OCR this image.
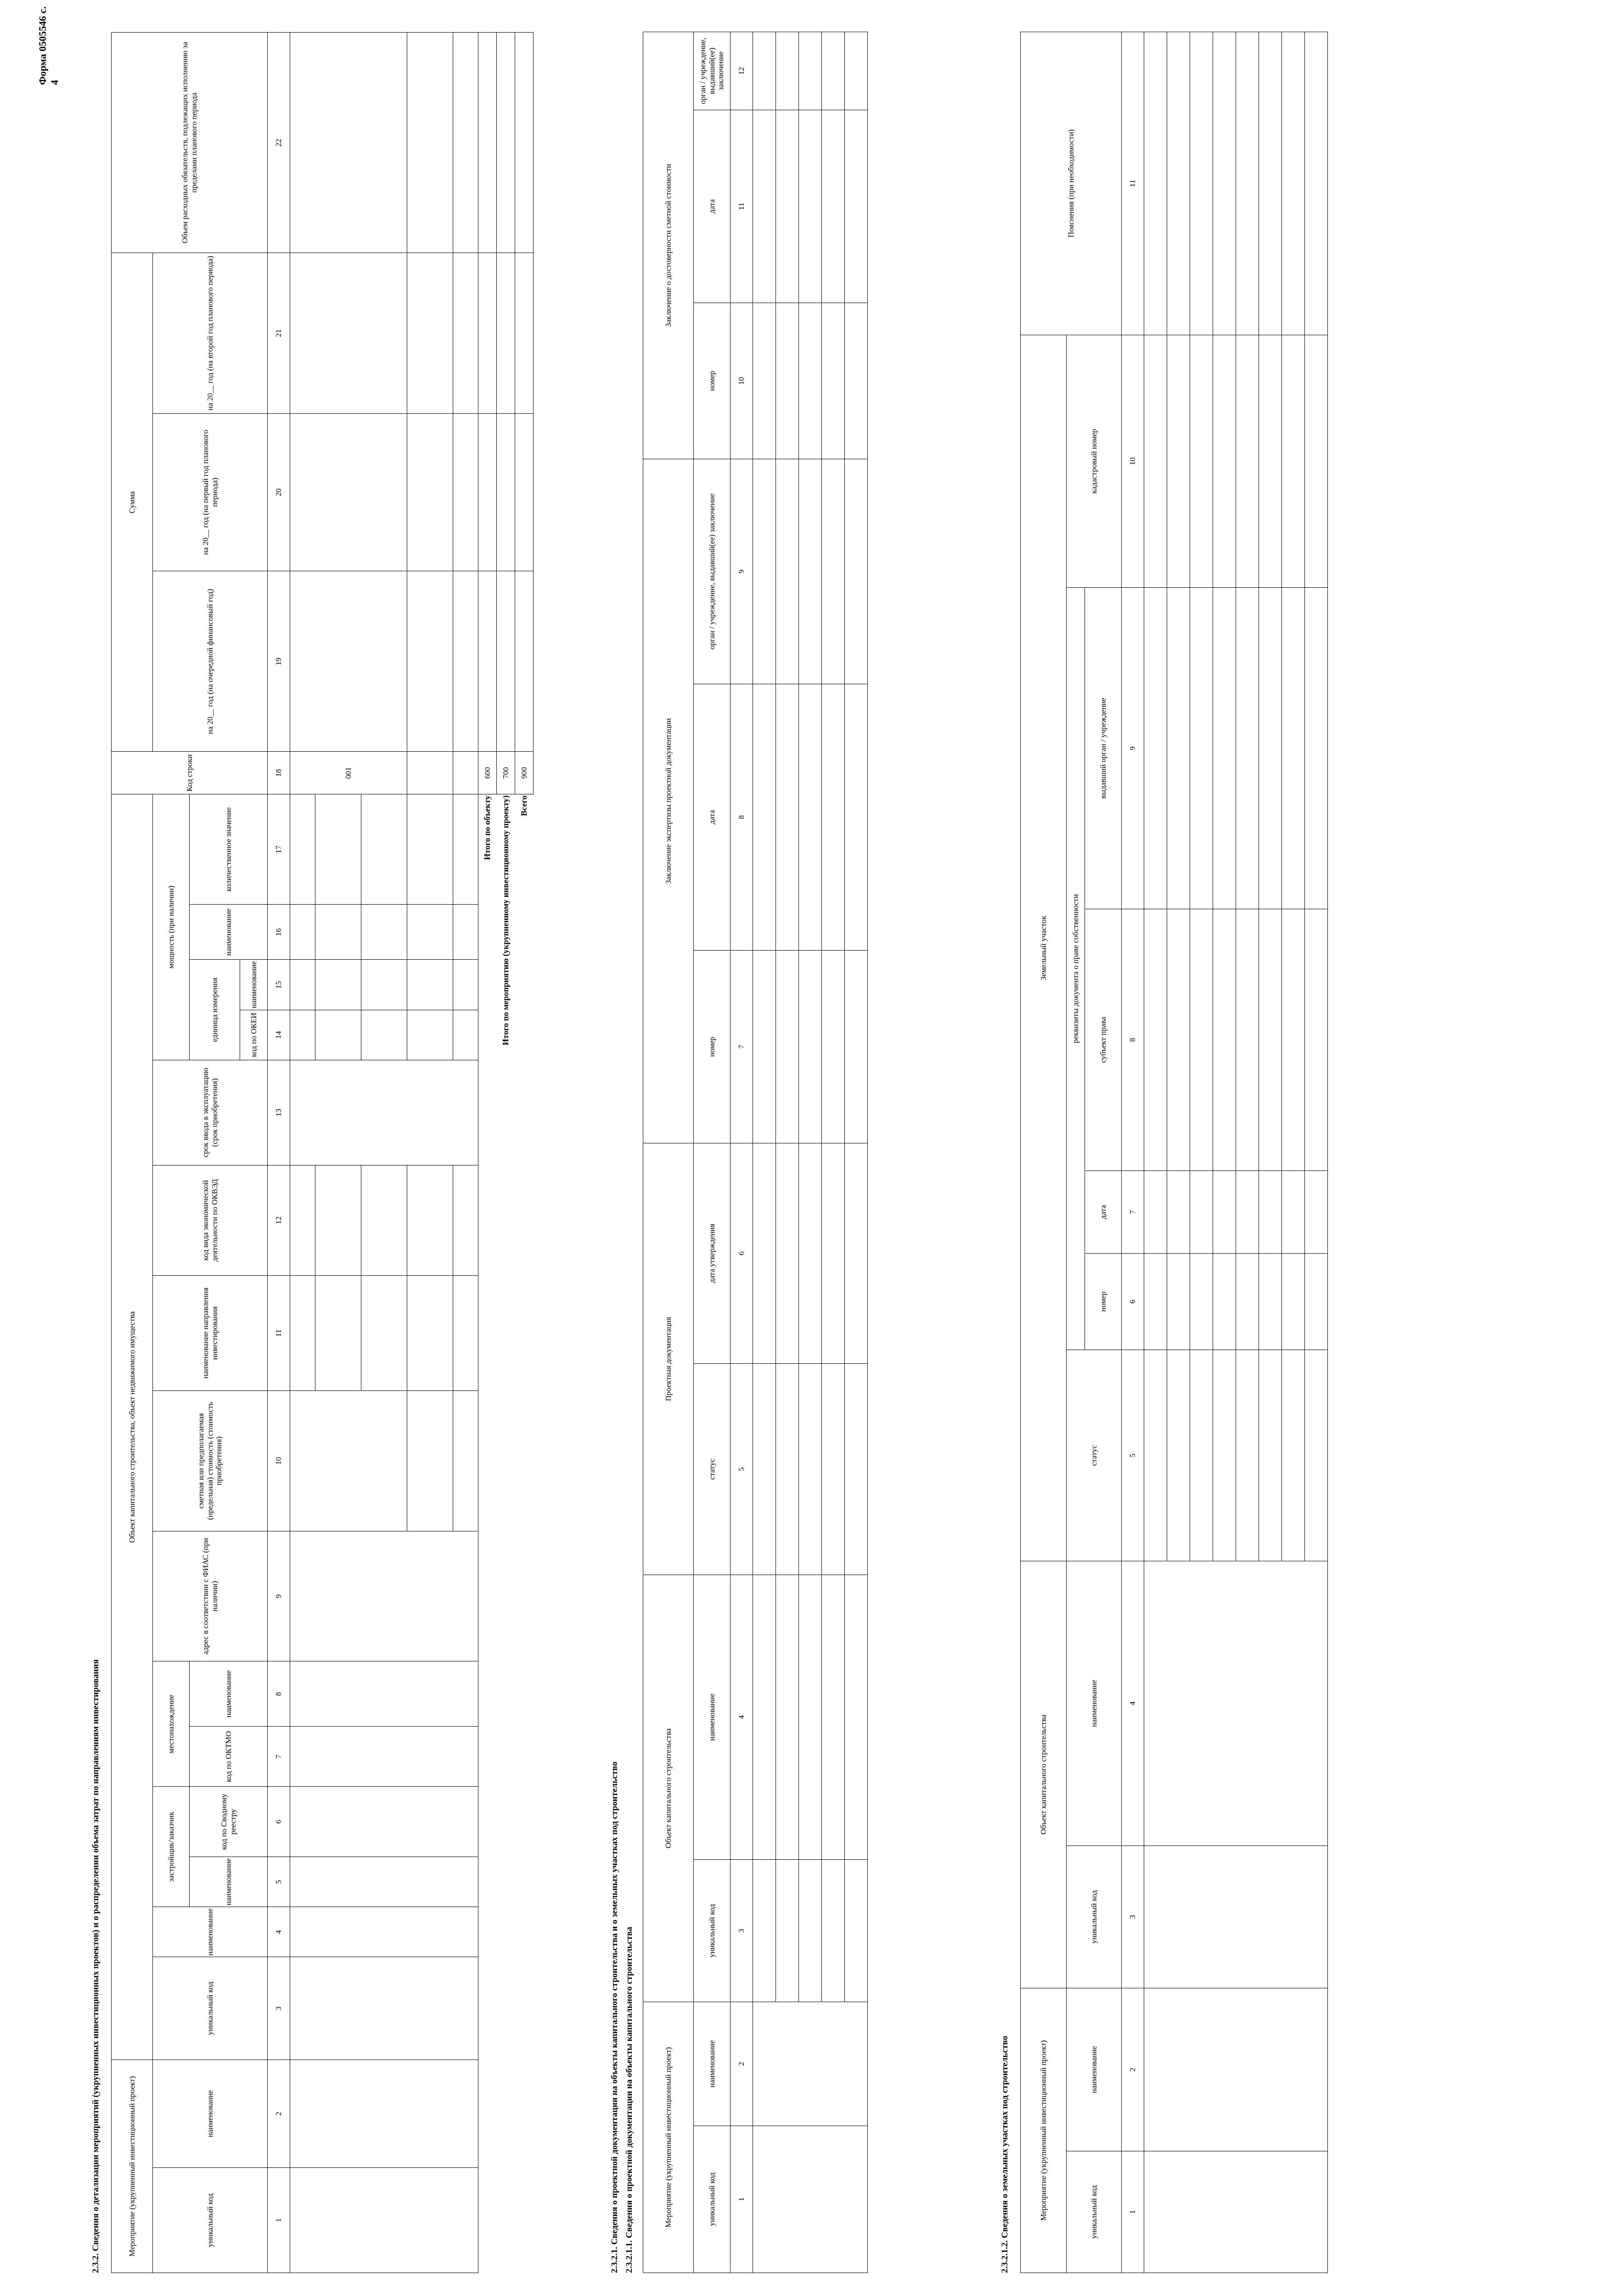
Форма 0505546 с. 4
2.3.2. Сведения о детализации мероприятий (укрупненных инвестиционных проектов) и о распределении объема затрат по направлениям инвестирования	Мероприятие (укрупненный инвестиционный проект)		Объект капитального строительства, объект недвижимого имущества															Код строки	Сумма			Объем расходных обязательств, подлежащих исполнению за пределами планового периода
уникальный код	наименование	уникальный код	наименование	застройщик/заказчик		местонахождение		адрес в соответствии с ФИАС (при наличии)	сметная или предполагаемая (предельная) стоимость (стоимость приобретения)	наименование направления инвестирования	код вида экономической деятельности по ОКВЭД	срок ввода в эксплуатацию (срок приобретения)	мощность (при наличии)					на 20__ год (на очередной финансовый год)	на 20__ год (на первый год планового периода)	на 20__ год (на второй год планового периода)	
				наименование	код по Сводному реестру	код по ОКТМО	наименование						единица измерения		наименование	количественное значение					
													код по ОКЕИ	наименование							
1	2	3	4	5	6	7	8	9	10	11	12	13	14	15	16	17	18	19	20	21	22
																	001				

Итого по объекту																	600				
Итого по мероприятию (укрупненному инвестиционному проекту)																	700				
Всего																	900				
2.3.2.1. Сведения о проектной документации на объекты капитального строительства и о земельных участках под строительство 2.3.2.1.1. Сведения о проектной документации на объекты капитального строительства	Мероприятие (укрупненный инвестиционный проект)		Объект капитального строительства		Проектная документация		Заключение экспертизы проектной документации			Заключение о достоверности сметной стоимости		
уникальный код	наименование	уникальный код	наименование	статус	дата утверждения	номер	дата	орган / учреждение, выдавший(ее) заключение	номер	дата	орган / учреждение, выдавший(ее) заключение
1	2	3	4	5	6	7	8	9	10	11	12

2.3.2.1.2. Сведения о земельных участках под строительство	Мероприятие (укрупненный инвестиционный проект)		Объект капитального строительства		Земельный участок						Пояснения (при необходимости)
уникальный код	наименование	уникальный код	наименование	статус	реквизиты документа о праве собственности				кадастровый номер	
					номер	дата	субъект права	выдавший орган / учреждение		

1	2	3	4	5	6	7	8	9	10	11
